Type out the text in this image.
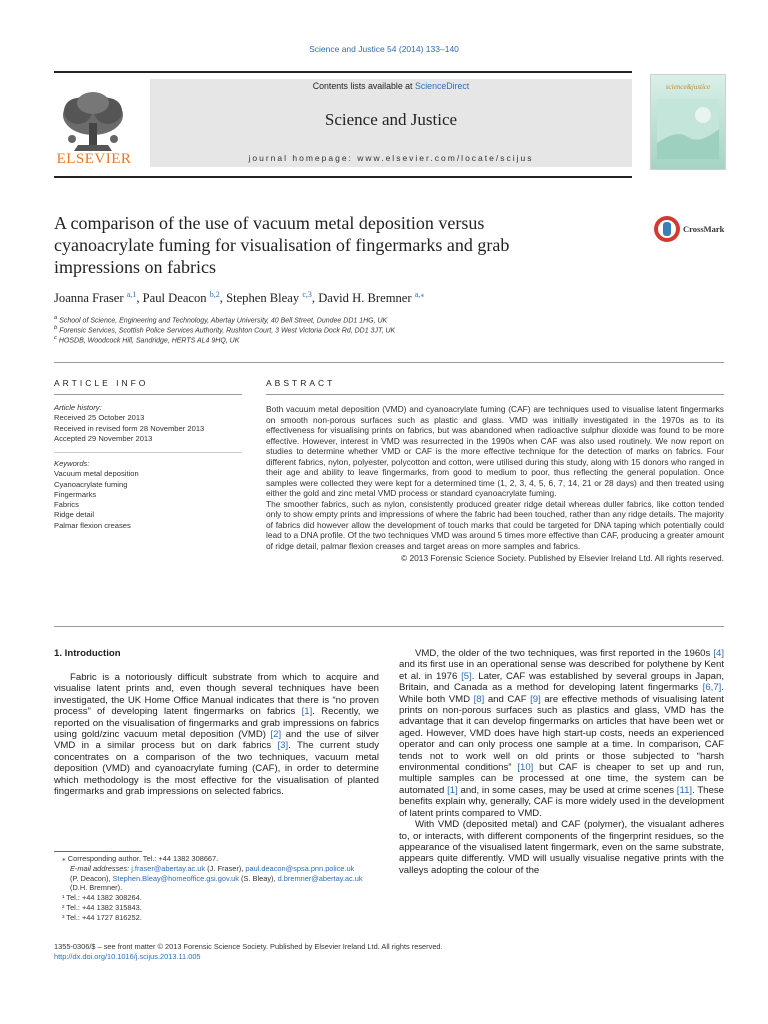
Science and Justice 54 (2014) 133–140
Contents lists available at ScienceDirect
Science and Justice
journal homepage: www.elsevier.com/locate/scijus
ELSEVIER
science&justice
A comparison of the use of vacuum metal deposition versus
cyanoacrylate fuming for visualisation of fingermarks and grab
impressions on fabrics
CrossMark
Joanna Fraser $^{a,1}$, Paul Deacon $^{b,2}$, Stephen Bleay $^{c,3}$, David H. Bremner $^{a,⁎}$
$^a$ School of Science, Engineering and Technology, Abertay University, 40 Bell Street, Dundee DD1 1HG, UK
$^b$ Forensic Services, Scottish Police Services Authority, Rushton Court, 3 West Victoria Dock Rd, DD1 3JT, UK
$^c$ HOSDB, Woodcock Hill, Sandridge, HERTS AL4 9HQ, UK
ARTICLE INFO
Article history:
Received 25 October 2013
Received in revised form 28 November 2013
Accepted 29 November 2013
Keywords:
Vacuum metal deposition
Cyanoacrylate fuming
Fingermarks
Fabrics
Ridge detail
Palmar flexion creases
ABSTRACT

Both vacuum metal deposition (VMD) and cyanoacrylate fuming (CAF) are techniques used to visualise latent fingermarks on smooth non-porous surfaces such as plastic and glass. VMD was initially investigated in the 1970s as to its effectiveness for visualising prints on fabrics, but was abandoned when radioactive sulphur dioxide was found to be more effective. However, interest in VMD was resurrected in the 1990s when CAF was also used routinely. We now report on studies to determine whether VMD or CAF is the more effective technique for the detection of marks on fabrics. Four different fabrics, nylon, polyester, polycotton and cotton, were utilised during this study, along with 15 donors who ranged in their age and ability to leave fingermarks, from good to medium to poor, thus reflecting the general population. Once samples were collected they were kept for a determined time (1, 2, 3, 4, 5, 6, 7, 14, 21 or 28 days) and then treated using either the gold and zinc metal VMD process or standard cyanoacrylate fuming.

The smoother fabrics, such as nylon, consistently produced greater ridge detail whereas duller fabrics, like cotton tended only to show empty prints and impressions of where the fabric had been touched, rather than any ridge details. The majority of fabrics did however allow the development of touch marks that could be targeted for DNA taping which potentially could lead to a DNA profile. Of the two techniques VMD was around 5 times more effective than CAF, producing a greater amount of ridge detail, palmar flexion creases and target areas on more samples and fabrics.

© 2013 Forensic Science Society. Published by Elsevier Ireland Ltd. All rights reserved.

1. Introduction

Fabric is a notoriously difficult substrate from which to acquire and visualise latent prints and, even though several techniques have been investigated, the UK Home Office Manual indicates that there is “no proven process” of developing latent fingermarks on fabrics [1]. Recently, we reported on the visualisation of fingermarks and grab impressions on fabrics using gold/zinc vacuum metal deposition (VMD) [2] and the use of silver VMD in a similar process but on dark fabrics [3]. The current study concentrates on a comparison of the two techniques, vacuum metal deposition (VMD) and cyanoacrylate fuming (CAF), in order to determine which methodology is the most effective for the visualisation of planted fingermarks and grab impressions on selected fabrics.

⁎ Corresponding author. Tel.: +44 1382 308667.
E-mail addresses: j.fraser@abertay.ac.uk (J. Fraser), paul.deacon@spsa.pnn.police.uk
(P. Deacon), Stephen.Bleay@homeoffice.gsi.gov.uk (S. Bleay), d.bremner@abertay.ac.uk
(D.H. Bremner).
¹ Tel.: +44 1382 308264.
² Tel.: +44 1382 315843.
³ Tel.: +44 1727 816252.

VMD, the older of the two techniques, was first reported in the 1960s [4] and its first use in an operational sense was described for polythene by Kent et al. in 1976 [5]. Later, CAF was established by several groups in Japan, Britain, and Canada as a method for developing latent fingermarks [6,7]. While both VMD [8] and CAF [9] are effective methods of visualising latent prints on non-porous surfaces such as plastics and glass, VMD has the advantage that it can develop fingermarks on articles that have been wet or aged. However, VMD does have high start-up costs, needs an experienced operator and can only process one sample at a time. In comparison, CAF tends not to work well on old prints or those subjected to “harsh environmental conditions” [10] but CAF is cheaper to set up and run, multiple samples can be processed at one time, the system can be automated [1] and, in some cases, may be used at crime scenes [11]. These benefits explain why, generally, CAF is more widely used in the development of latent prints compared to VMD.

With VMD (deposited metal) and CAF (polymer), the visualant adheres to, or interacts, with different components of the fingerprint residues, so the appearance of the visualised latent fingermark, even on the same substrate, appears quite differently. VMD will usually visualise negative prints with the valleys adopting the colour of the

1355-0306/$ – see front matter © 2013 Forensic Science Society. Published by Elsevier Ireland Ltd. All rights reserved.
http://dx.doi.org/10.1016/j.scijus.2013.11.005
